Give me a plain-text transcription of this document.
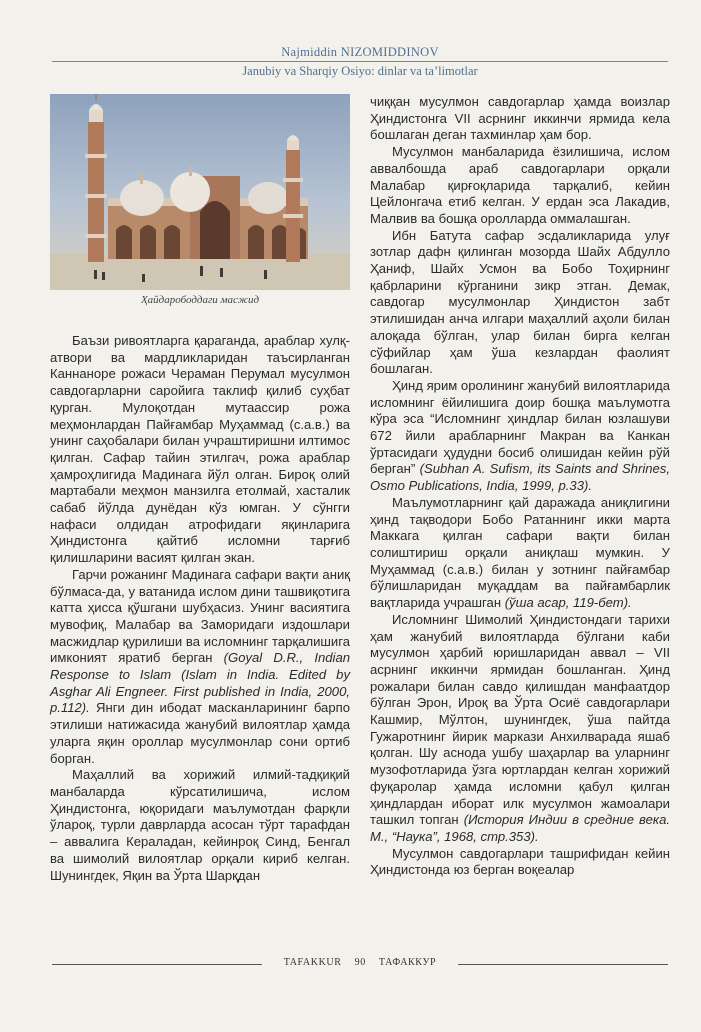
Najmiddin NIZOMIDDINOV
Janubiy va Sharqiy Osiyo: dinlar va ta’limotlar
Ҳайдарободдаги масжид

Баъзи ривоятларга қараганда, араблар хулқ-атвори ва мардликларидан таъсирланган Каннаноре рожаси Чераман Перумал мусулмон савдогарларни саройига таклиф қилиб суҳбат қурган. Мулоқотдан мутаассир рожа меҳмонлардан Пайғамбар Муҳаммад (с.а.в.) ва унинг саҳобалари билан учраштиришни илтимос қилган. Сафар тайин этилгач, рожа араблар ҳамроҳлигида Мадинага йўл олган. Бироқ олий мартабали меҳмон манзилга етолмай, хасталик сабаб йўлда дунёдан кўз юмган. У сўнгги нафаси олдидан атрофидаги яқинларига Ҳиндистонга қайтиб исломни тарғиб қилишларини васият қилган экан.

Гарчи рожанинг Мадинага сафари вақти аниқ бўлмаса-да, у ватанида ислом дини ташвиқотига катта ҳисса қўшгани шубҳасиз. Унинг васиятига мувофиқ, Малабар ва Заморидаги издошлари масжидлар қурилиши ва исломнинг тарқалишига имконият яратиб берган (Goyal D.R., Indian Response to Islam (Islam in India. Edited by Asghar Ali Engneer. First published in India, 2000, p.112). Янги дин ибодат масканларининг барпо этилиши натижасида жанубий вилоятлар ҳамда уларга яқин ороллар мусулмонлар сони ортиб борган.

Маҳаллий ва хорижий илмий-тадқиқий манбаларда кўрсатилишича, ислом Ҳиндистонга, юқоридаги маълумотдан фарқли ўлароқ, турли даврларда асосан тўрт тарафдан – аввалига Кераладан, кейинроқ Синд, Бенгал ва шимолий вилоятлар орқали кириб келган. Шунингдек, Яқин ва Ўрта Шарқдан

чиққан мусулмон савдогарлар ҳамда воизлар Ҳиндистонга VII асрнинг иккинчи ярмида кела бошлаган деган тахминлар ҳам бор.

Мусулмон манбаларида ёзилишича, ислом аввалбошда араб савдогарлари орқали Малабар қирғоқларида тарқалиб, кейин Цейлонгача етиб келган. У ердан эса Лакадив, Малвив ва бошқа оролларда оммалашган.

Ибн Батута сафар эсдаликларида улуғ зотлар дафн қилинган мозорда Шайх Абдулло Ҳаниф, Шайх Усмон ва Бобо Тоҳирнинг қабрларини кўрганини зикр этган. Демак, савдогар мусулмонлар Ҳиндистон забт этилишидан анча илгари маҳаллий аҳоли билан алоқада бўлган, улар билан бирга келган сўфийлар ҳам ўша кезлардан фаолият бошлаган.

Ҳинд ярим оролининг жанубий вилоятларида исломнинг ёйилишига доир бошқа маълумотга кўра эса “Исломнинг ҳиндлар билан юзлашуви 672 йили арабларнинг Макран ва Канкан ўртасидаги ҳудудни босиб олишидан кейин рўй берган” (Subhan A. Sufism, its Saints and Shrines, Osmo Publications, India, 1999, p.33).

Маълумотларнинг қай даражада аниқлигини ҳинд тақводори Бобо Ратаннинг икки марта Маккага қилган сафари вақти билан солиштириш орқали аниқлаш мумкин. У Муҳаммад (с.а.в.) билан у зотнинг пайғамбар бўлишларидан муқаддам ва пайғамбарлик вақтларида учрашган (ўша асар, 119-бет).

Исломнинг Шимолий Ҳиндистондаги тарихи ҳам жанубий вилоятларда бўлгани каби мусулмон ҳарбий юришларидан аввал – VII асрнинг иккинчи ярмидан бошланган. Ҳинд рожалари билан савдо қилишдан манфаатдор бўлган Эрон, Ироқ ва Ўрта Осиё савдогарлари Кашмир, Мўлтон, шунингдек, ўша пайтда Гужаротнинг йирик маркази Анхилварада яшаб қолган. Шу аснода ушбу шаҳарлар ва уларнинг музофотларида ўзга юртлардан келган хорижий фуқаролар ҳамда исломни қабул қилган ҳиндлардан иборат илк мусулмон жамоалари ташкил топган (История Индии в средние века. М., “Наука”, 1968, стр.353).

Мусулмон савдогарлари ташрифидан кейин Ҳиндистонда юз берган воқеалар

TAFAKKUR 90 ТАФАККУР
